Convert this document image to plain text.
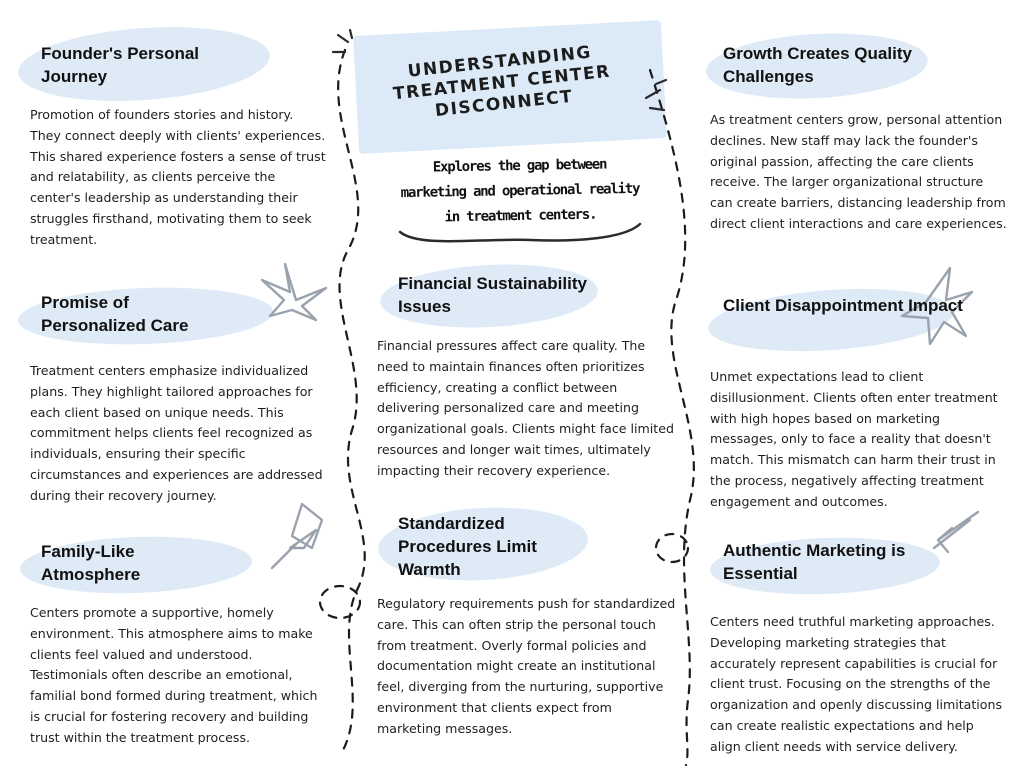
UNDERSTANDING TREATMENT CENTER DISCONNECT
Explores the gap between marketing and operational reality in treatment centers.
Founder's Personal Journey
Promotion of founders stories and history. They connect deeply with clients' experiences. This shared experience fosters a sense of trust and relatability, as clients perceive the center's leadership as understanding their struggles firsthand, motivating them to seek treatment.
Promise of Personalized Care
Treatment centers emphasize individualized plans. They highlight tailored approaches for each client based on unique needs. This commitment helps clients feel recognized as individuals, ensuring their specific circumstances and experiences are addressed during their recovery journey.
Family-Like Atmosphere
Centers promote a supportive, homely environment. This atmosphere aims to make clients feel valued and understood. Testimonials often describe an emotional, familial bond formed during treatment, which is crucial for fostering recovery and building trust within the treatment process.
Financial Sustainability Issues
Financial pressures affect care quality. The need to maintain finances often prioritizes efficiency, creating a conflict between delivering personalized care and meeting organizational goals. Clients might face limited resources and longer wait times, ultimately impacting their recovery experience.
Standardized Procedures Limit Warmth
Regulatory requirements push for standardized care. This can often strip the personal touch from treatment. Overly formal policies and documentation might create an institutional feel, diverging from the nurturing, supportive environment that clients expect from marketing messages.
Growth Creates Quality Challenges
As treatment centers grow, personal attention declines. New staff may lack the founder's original passion, affecting the care clients receive. The larger organizational structure can create barriers, distancing leadership from direct client interactions and care experiences.
Client Disappointment Impact
Unmet expectations lead to client disillusionment. Clients often enter treatment with high hopes based on marketing messages, only to face a reality that doesn't match. This mismatch can harm their trust in the process, negatively affecting treatment engagement and outcomes.
Authentic Marketing is Essential
Centers need truthful marketing approaches. Developing marketing strategies that accurately represent capabilities is crucial for client trust. Focusing on the strengths of the organization and openly discussing limitations can create realistic expectations and help align client needs with service delivery.
